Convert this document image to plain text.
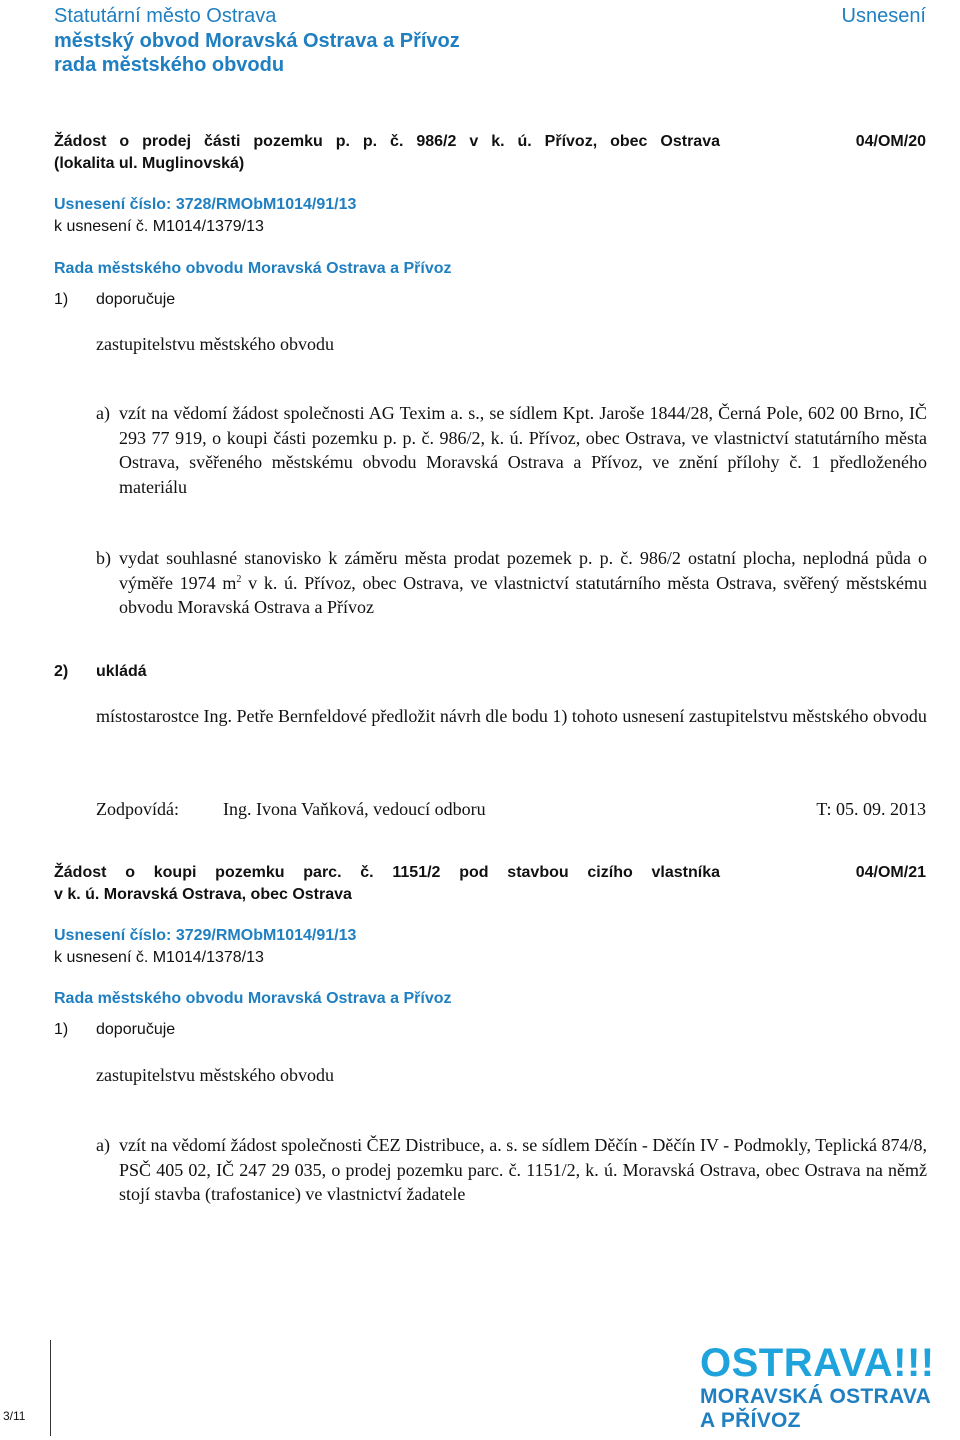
Statutární město Ostrava
městský obvod Moravská Ostrava a Přívoz
rada městského obvodu
Usnesení
Žádost o prodej části pozemku p. p. č. 986/2 v k. ú. Přívoz, obec Ostrava
(lokalita ul. Muglinovská)
04/OM/20
Usnesení číslo: 3728/RMObM1014/91/13
k usnesení č. M1014/1379/13
Rada městského obvodu Moravská Ostrava a Přívoz
1) doporučuje
zastupitelstvu městského obvodu
a) vzít na vědomí žádost společnosti AG Texim a. s., se sídlem Kpt. Jaroše 1844/28, Černá Pole, 602 00 Brno, IČ 293 77 919, o koupi části pozemku p. p. č. 986/2, k. ú. Přívoz, obec Ostrava, ve vlastnictví statutárního města Ostrava, svěřeného městskému obvodu Moravská Ostrava a Přívoz, ve znění přílohy č. 1 předloženého materiálu
b) vydat souhlasné stanovisko k záměru města prodat pozemek p. p. č. 986/2 ostatní plocha, neplodná půda o výměře 1974 $m^2$ v k. ú. Přívoz, obec Ostrava, ve vlastnictví statutárního města Ostrava, svěřený městskému obvodu Moravská Ostrava a Přívoz
2) ukládá
místostarostce Ing. Petře Bernfeldové předložit návrh dle bodu 1) tohoto usnesení zastupitelstvu městského obvodu
Zodpovídá: Ing. Ivona Vaňková, vedoucí odboru	T: 05. 09. 2013
Žádost o koupi pozemku parc. č. 1151/2 pod stavbou cizího vlastníka
v k. ú. Moravská Ostrava, obec Ostrava
04/OM/21
Usnesení číslo: 3729/RMObM1014/91/13
k usnesení č. M1014/1378/13
Rada městského obvodu Moravská Ostrava a Přívoz
1) doporučuje
zastupitelstvu městského obvodu
a) vzít na vědomí žádost společnosti ČEZ Distribuce, a. s. se sídlem Děčín - Děčín IV - Podmokly, Teplická 874/8, PSČ 405 02, IČ 247 29 035, o prodej pozemku parc. č. 1151/2, k. ú. Moravská Ostrava, obec Ostrava na němž stojí stavba (trafostanice) ve vlastnictví žadatele
3/11
OSTRAVA!!!
MORAVSKÁ OSTRAVA
A PŘÍVOZ
